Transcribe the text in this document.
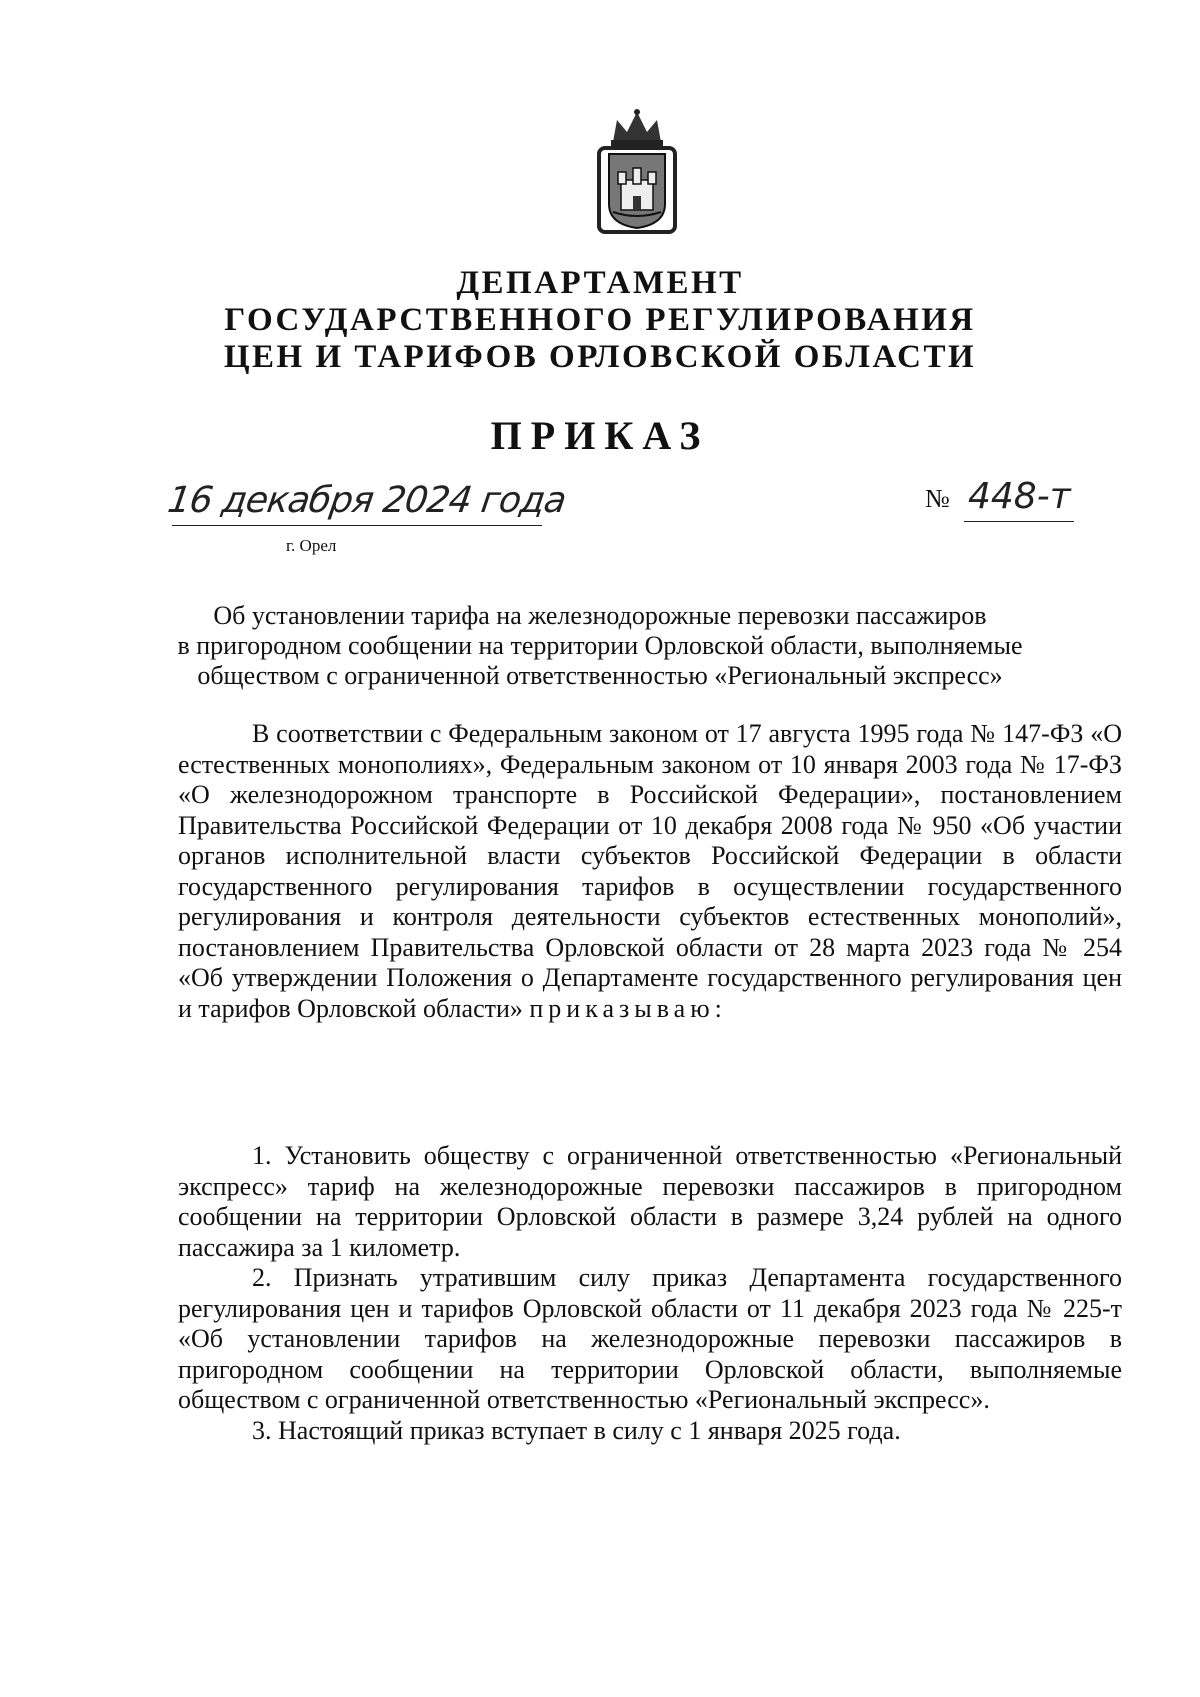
ДЕПАРТАМЕНТ
ГОСУДАРСТВЕННОГО РЕГУЛИРОВАНИЯ
ЦЕН И ТАРИФОВ ОРЛОВСКОЙ ОБЛАСТИ
ПРИКАЗ
16 декабря 2024 года
г. Орел
№ 448-т
Об установлении тарифа на железнодорожные перевозки пассажиров
в пригородном сообщении на территории Орловской области, выполняемые
обществом с ограниченной ответственностью «Региональный экспресс»
В соответствии с Федеральным законом от 17 августа 1995 года № 147-ФЗ «О естественных монополиях», Федеральным законом от 10 января 2003 года № 17-ФЗ «О железнодорожном транспорте в Российской Федерации», постановлением Правительства Российской Федерации от 10 декабря 2008 года № 950 «Об участии органов исполнительной власти субъектов Российской Федерации в области государственного регулирования тарифов в осуществлении государственного регулирования и контроля деятельности субъектов естественных монополий», постановлением Правительства Орловской области от 28 марта 2023 года № 254 «Об утверждении Положения о Департаменте государственного регулирования цен и тарифов Орловской области» приказываю:

1. Установить обществу с ограниченной ответственностью «Региональный экспресс» тариф на железнодорожные перевозки пассажиров в пригородном сообщении на территории Орловской области в размере 3,24 рублей на одного пассажира за 1 километр.

2. Признать утратившим силу приказ Департамента государственного регулирования цен и тарифов Орловской области от 11 декабря 2023 года № 225-т «Об установлении тарифов на железнодорожные перевозки пассажиров в пригородном сообщении на территории Орловской области, выполняемые обществом с ограниченной ответственностью «Региональный экспресс».

3. Настоящий приказ вступает в силу с 1 января 2025 года.
